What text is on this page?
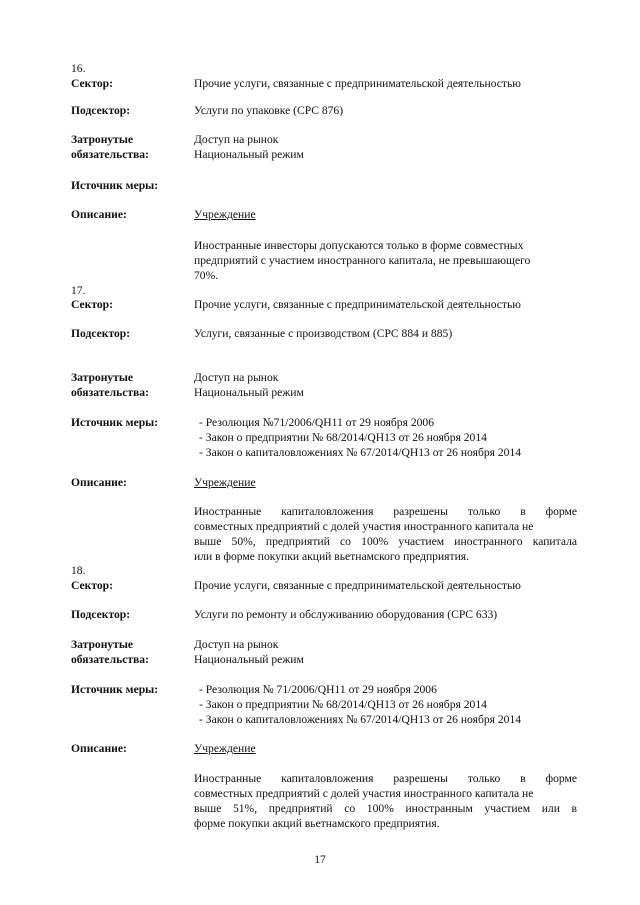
16.
Сектор:	Прочие услуги, связанные с предпринимательской деятельностью
Подсектор:	Услуги по упаковке (CPC 876)
Затронутые
обязательства:
Доступ на рынок
Национальный режим
Источник меры:
Описание:	Учреждение
Иностранные инвесторы допускаются только в форме совместных
предприятий с участием иностранного капитала, не превышающего
70%.
17.
Сектор:	Прочие услуги, связанные с предпринимательской деятельностью
Подсектор:	Услуги, связанные с производством (CPC 884 и 885)
Затронутые
обязательства:
Доступ на рынок
Национальный режим
Источник меры:	- Резолюция №71/2006/QH11 от 29 ноября 2006
- Закон о предприятии № 68/2014/QH13 от 26 ноября 2014
- Закон о капиталовложениях № 67/2014/QH13 от 26 ноября 2014
Описание:	Учреждение
Иностранные капиталовложения разрешены только в форме
совместных предприятий с долей участия иностранного капитала не
выше 50%, предприятий со 100% участием иностранного капитала
или в форме покупки акций вьетнамского предприятия.
18.
Сектор:	Прочие услуги, связанные с предпринимательской деятельностью
Подсектор:	Услуги по ремонту и обслуживанию оборудования (CPC 633)
Затронутые
обязательства:
Доступ на рынок
Национальный режим
Источник меры:	- Резолюция № 71/2006/QH11 от 29 ноября 2006
- Закон о предприятии № 68/2014/QH13 от 26 ноября 2014
- Закон о капиталовложениях № 67/2014/QH13 от 26 ноября 2014
Описание:	Учреждение
Иностранные капиталовложения разрешены только в форме
совместных предприятий с долей участия иностранного капитала не
выше 51%, предприятий со 100% иностранным участием или в
форме покупки акций вьетнамского предприятия.
17
